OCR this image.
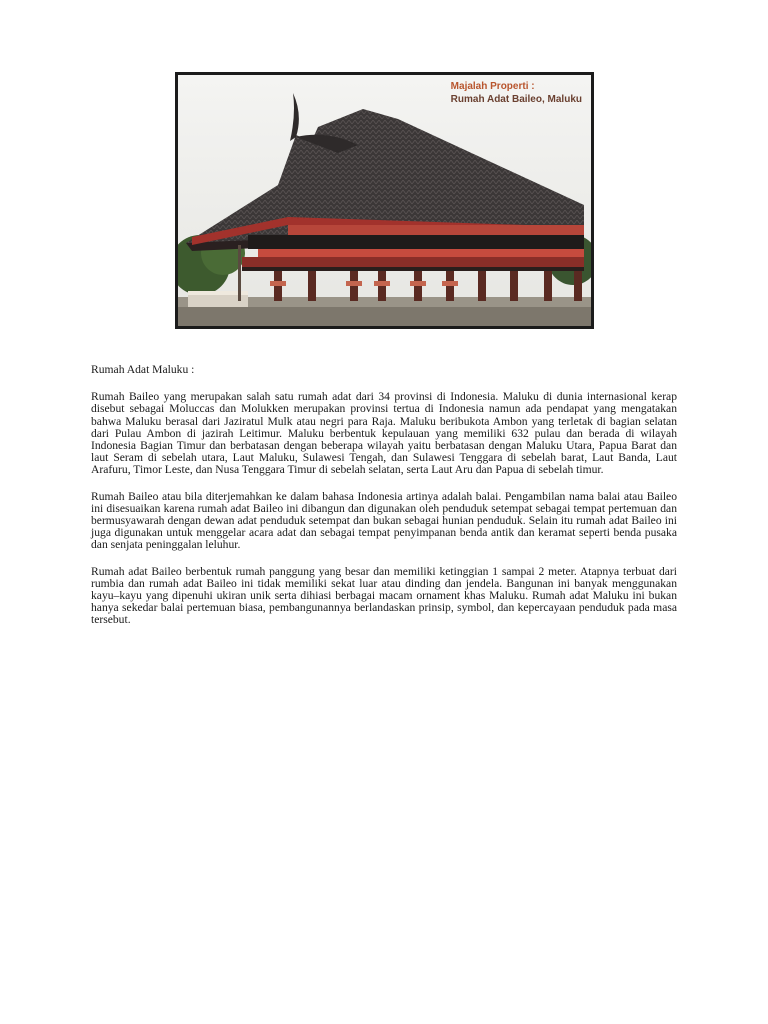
Majalah Properti :
Rumah Adat Baileo, Maluku
Rumah Adat Maluku :

Rumah Baileo yang merupakan salah satu rumah adat dari 34 provinsi di Indonesia. Maluku di dunia internasional kerap disebut sebagai Moluccas dan Molukken merupakan provinsi tertua di Indonesia namun ada pendapat yang mengatakan bahwa Maluku berasal dari Jaziratul Mulk atau negri para Raja. Maluku beribukota Ambon yang terletak di bagian selatan dari Pulau Ambon di jazirah Leitimur. Maluku berbentuk kepulauan yang memiliki 632 pulau dan berada di wilayah Indonesia Bagian Timur dan berbatasan dengan beberapa wilayah yaitu berbatasan dengan Maluku Utara, Papua Barat dan laut Seram di sebelah utara, Laut Maluku, Sulawesi Tengah, dan Sulawesi Tenggara di sebelah barat, Laut Banda, Laut Arafuru, Timor Leste, dan Nusa Tenggara Timur di sebelah selatan, serta Laut Aru dan Papua di sebelah timur.

Rumah Baileo atau bila diterjemahkan ke dalam bahasa Indonesia artinya adalah balai. Pengambilan nama balai atau Baileo ini disesuaikan karena rumah adat Baileo ini dibangun dan digunakan oleh penduduk setempat sebagai tempat pertemuan dan bermusyawarah dengan dewan adat penduduk setempat dan bukan sebagai hunian penduduk. Selain itu rumah adat Baileo ini juga digunakan untuk menggelar acara adat dan sebagai tempat penyimpanan benda antik dan keramat seperti benda pusaka dan senjata peninggalan leluhur.

Rumah adat Baileo berbentuk rumah panggung yang besar dan memiliki ketinggian 1 sampai 2 meter. Atapnya terbuat dari rumbia dan rumah adat Baileo ini tidak memiliki sekat luar atau dinding dan jendela. Bangunan ini banyak menggunakan kayu–kayu yang dipenuhi ukiran unik serta dihiasi berbagai macam ornament khas Maluku. Rumah adat Maluku ini bukan hanya sekedar balai pertemuan biasa, pembangunannya berlandaskan prinsip, symbol, dan kepercayaan penduduk pada masa tersebut.
